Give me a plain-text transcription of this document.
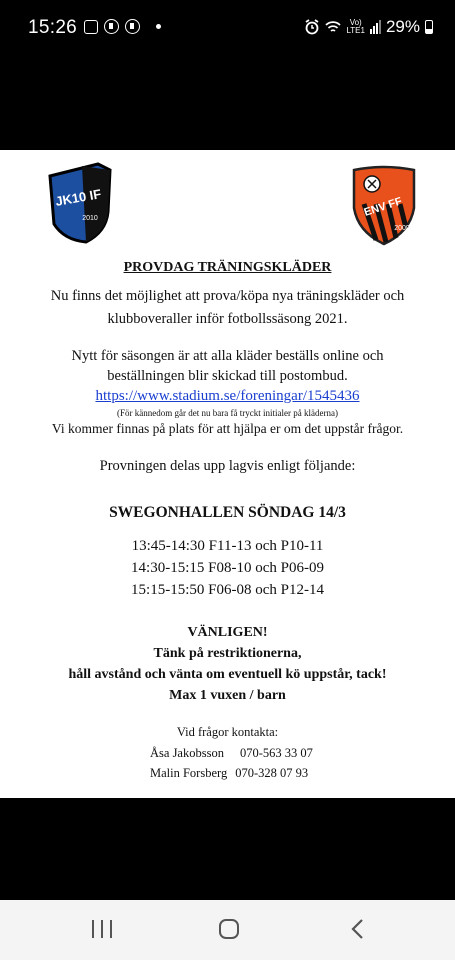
15:26	Vo)
LTE1 29%
JK10 IF
2010	ENV FF
2009
PROVDAG TRÄNINGSKLÄDER
Nu finns det möjlighet att prova/köpa nya träningskläder och
klubboveraller inför fotbollssäsong 2021.
Nytt för säsongen är att alla kläder beställs online och
beställningen blir skickad till postombud.
https://www.stadium.se/foreningar/1545436
(För kännedom går det nu bara få tryckt initialer på kläderna)
Vi kommer finnas på plats för att hjälpa er om det uppstår frågor.
Provningen delas upp lagvis enligt följande:
SWEGONHALLEN SÖNDAG 14/3
13:45-14:30 F11-13 och P10-11
14:30-15:15 F08-10 och P06-09
15:15-15:50 F06-08 och P12-14
VÄNLIGEN!
Tänk på restriktionerna,
håll avstånd och vänta om eventuell kö uppstår, tack!
Max 1 vuxen / barn
Vid frågor kontakta:
Åsa Jakobsson 070-563 33 07
Malin Forsberg 070-328 07 93
